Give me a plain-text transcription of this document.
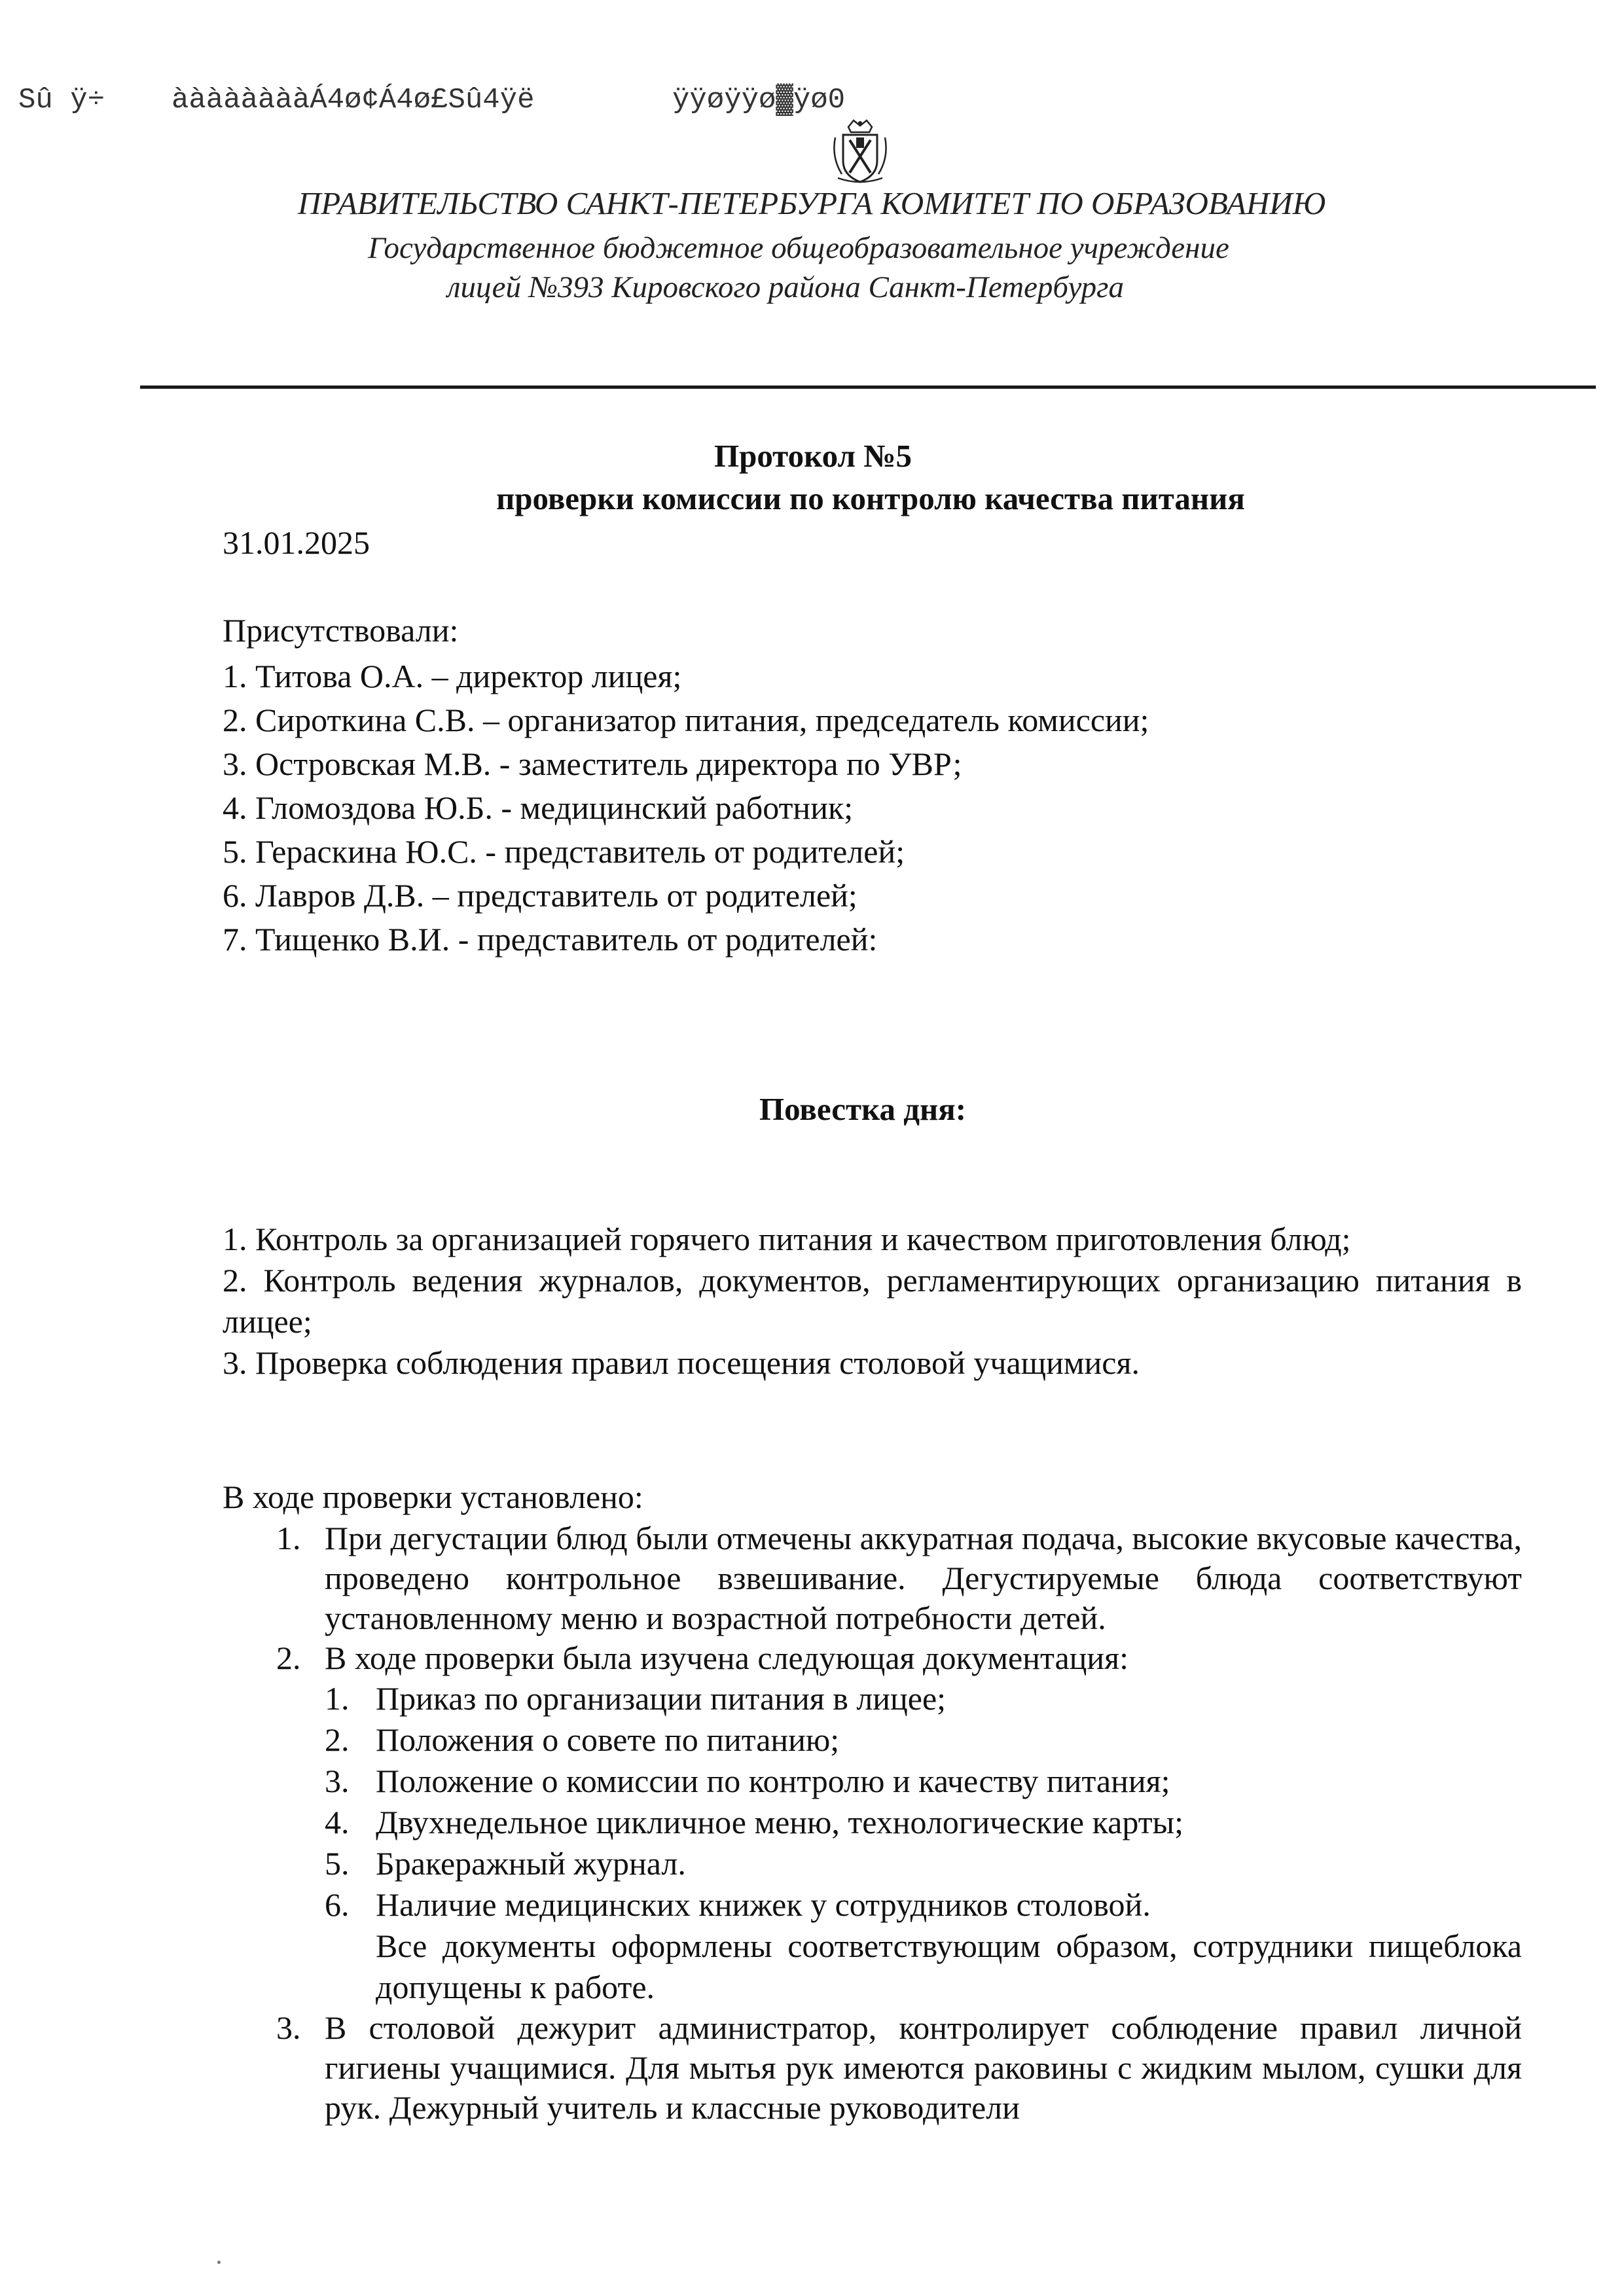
Sû ÿ÷ ààààààààÁ4ø¢Á4ø£Sû4ÿë	ÿÿøÿÿø▓ÿø0
ПРАВИТЕЛЬСТВО САНКТ-ПЕТЕРБУРГА КОМИТЕТ ПО ОБРАЗОВАНИЮ
Государственное бюджетное общеобразовательное учреждение
лицей №393 Кировского района Санкт-Петербурга
Протокол №5
проверки комиссии по контролю качества питания
31.01.2025
Присутствовали:
1. Титова О.А. – директор лицея;
2. Сироткина С.В. – организатор питания, председатель комиссии;
3. Островская М.В. - заместитель директора по УВР;
4. Гломоздова Ю.Б. - медицинский работник;
5. Гераскина Ю.С. - представитель от родителей;
6. Лавров Д.В. – представитель от родителей;
7. Тищенко В.И. - представитель от родителей:
Повестка дня:
1. Контроль за организацией горячего питания и качеством приготовления блюд;
2. Контроль ведения журналов, документов, регламентирующих организацию питания в лицее;
3. Проверка соблюдения правил посещения столовой учащимися.
В ходе проверки установлено:
1. При дегустации блюд были отмечены аккуратная подача, высокие вкусовые качества, проведено контрольное взвешивание. Дегустируемые блюда соответствуют установленному меню и возрастной потребности детей.
2. В ходе проверки была изучена следующая документация:
1. Приказ по организации питания в лицее;
2. Положения о совете по питанию;
3. Положение о комиссии по контролю и качеству питания;
4. Двухнедельное цикличное меню, технологические карты;
5. Бракеражный журнал.
6. Наличие медицинских книжек у сотрудников столовой.
Все документы оформлены соответствующим образом, сотрудники пищеблока допущены к работе.
3. В столовой дежурит администратор, контролирует соблюдение правил личной гигиены учащимися. Для мытья рук имеются раковины с жидким мылом, сушки для рук. Дежурный учитель и классные руководители
